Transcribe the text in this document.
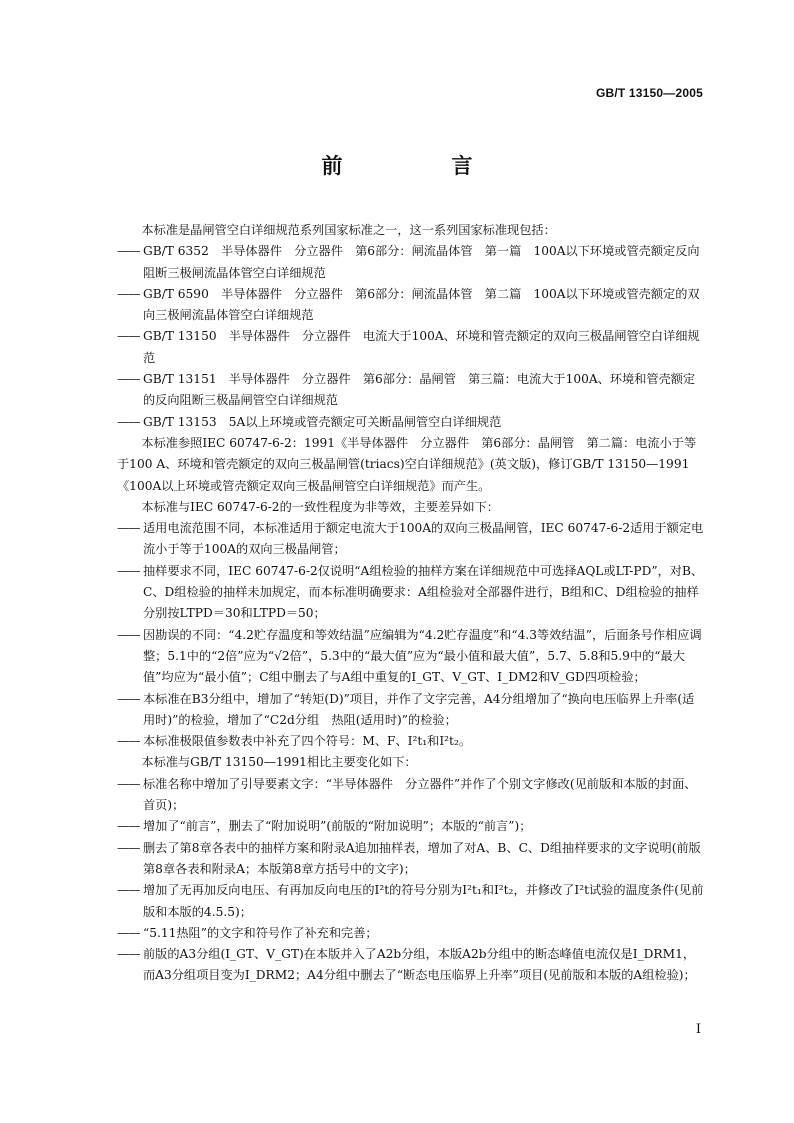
GB/T 13150—2005
前　言
本标准是晶闸管空白详细规范系列国家标准之一，这一系列国家标准现包括：
—— GB/T 6352　半导体器件　分立器件　第6部分：闸流晶体管　第一篇　100A以下环境或管壳额定反向阻断三极闸流晶体管空白详细规范
—— GB/T 6590　半导体器件　分立器件　第6部分：闸流晶体管　第二篇　100A以下环境或管壳额定的双向三极闸流晶体管空白详细规范
—— GB/T 13150　半导体器件　分立器件　电流大于100A、环境和管壳额定的双向三极晶闸管空白详细规范
—— GB/T 13151　半导体器件　分立器件　第6部分：晶闸管　第三篇：电流大于100A、环境和管壳额定的反向阻断三极晶闸管空白详细规范
—— GB/T 13153　5A以上环境或管壳额定可关断晶闸管空白详细规范
本标准参照IEC 60747-6-2：1991《半导体器件　分立器件　第6部分：晶闸管　第二篇：电流小于等于100 A、环境和管壳额定的双向三极晶闸管(triacs)空白详细规范》(英文版)，修订GB/T 13150—1991《100A以上环境或管壳额定双向三极晶闸管空白详细规范》而产生。
本标准与IEC 60747-6-2的一致性程度为非等效，主要差异如下：
—— 适用电流范围不同，本标准适用于额定电流大于100A的双向三极晶闸管，IEC 60747-6-2适用于额定电流小于等于100A的双向三极晶闸管；
—— 抽样要求不同，IEC 60747-6-2仅说明“A组检验的抽样方案在详细规范中可选择AQL或LT-PD”，对B、C、D组检验的抽样未加规定，而本标准明确要求：A组检验对全部器件进行，B组和C、D组检验的抽样分别按LTPD＝30和LTPD＝50；
—— 因勘误的不同：“4.2贮存温度和等效结温”应编辑为“4.2贮存温度”和“4.3等效结温”，后面条号作相应调整；5.1中的“2倍”应为“√2倍”，5.3中的“最大值”应为“最小值和最大值”，5.7、5.8和5.9中的“最大值”均应为“最小值”；C组中删去了与A组中重复的I_GT、V_GT、I_DM2和V_GD四项检验；
—— 本标准在B3分组中，增加了“转矩(D)”项目，并作了文字完善，A4分组增加了“换向电压临界上升率(适用时)”的检验，增加了“C2d分组　热阻(适用时)”的检验；
—— 本标准极限值参数表中补充了四个符号：M、F、I²t₁和I²t₂。
本标准与GB/T 13150—1991相比主要变化如下：
—— 标准名称中增加了引导要素文字：“半导体器件　分立器件”并作了个别文字修改(见前版和本版的封面、首页)；
—— 增加了“前言”，删去了“附加说明”(前版的“附加说明”；本版的“前言”)；
—— 删去了第8章各表中的抽样方案和附录A追加抽样表，增加了对A、B、C、D组抽样要求的文字说明(前版第8章各表和附录A；本版第8章方括号中的文字)；
—— 增加了无再加反向电压、有再加反向电压的I²t的符号分别为I²t₁和I²t₂，并修改了I²t试验的温度条件(见前版和本版的4.5.5)；
—— “5.11热阻”的文字和符号作了补充和完善；
—— 前版的A3分组(I_GT、V_GT)在本版并入了A2b分组，本版A2b分组中的断态峰值电流仅是I_DRM1，而A3分组项目变为I_DRM2；A4分组中删去了“断态电压临界上升率”项目(见前版和本版的A组检验)；
I
